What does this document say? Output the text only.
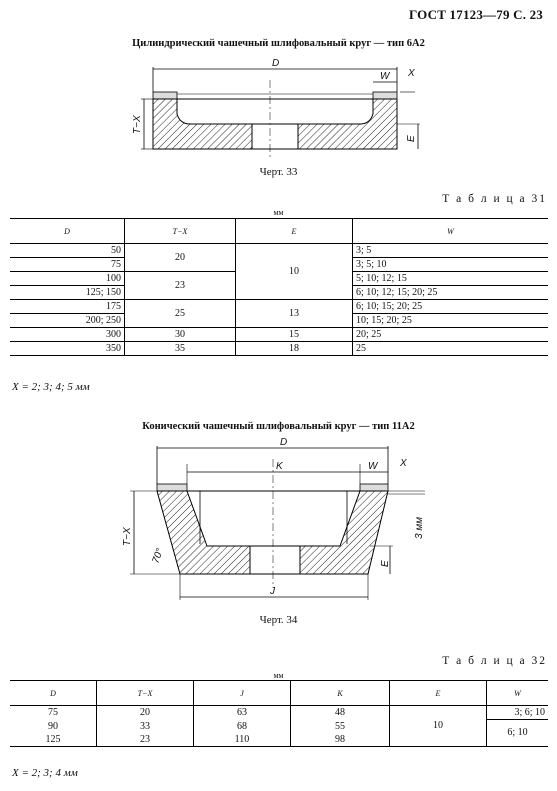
ГОСТ 17123—79 С. 23
Цилиндрический чашечный шлифовальный круг — тип 6А2
D
W X
T−X
E
Черт. 33
Т а б л и ц а 31
мм
D	T−X	E	W
50	20	10	3; 5
75			3; 5; 10
100	23		5; 10; 12; 15
125; 150			6; 10; 12; 15; 20; 25
175	25	13	6; 10; 15; 20; 25
200; 250			10; 15; 20; 25
300	30	15	20; 25
350	35	18	25
X = 2; 3; 4; 5 мм
Конический чашечный шлифовальный круг — тип 11А2
D
K	W X
T−X
70°
3 мм
E
J
Черт. 34
Т а б л и ц а 32
мм
D	T−X	J	K	E	W
75	20	63	48	10	3; 6; 10
90	33	68	55		6; 10
125	23	110	98		
X = 2; 3; 4 мм
